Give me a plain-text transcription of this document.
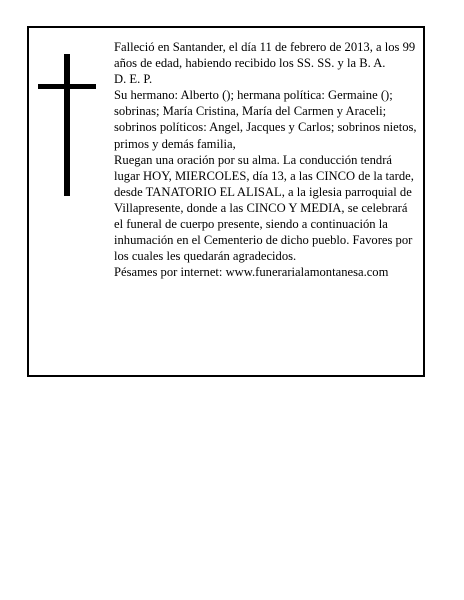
Falleció en Santander, el día 11 de febrero de 2013, a los 99 años de edad, habiendo recibido los SS. SS. y la B. A.

D. E. P.

Su hermano: Alberto (); hermana política: Germaine (); sobrinas; María Cristina, María del Carmen y Araceli; sobrinos políticos: Angel, Jacques y Carlos; sobrinos nietos, primos y demás familia,

Ruegan una oración por su alma. La conducción tendrá lugar HOY, MIERCOLES, día 13, a las CINCO de la tarde, desde TANATORIO EL ALISAL, a la iglesia parroquial de Villapresente, donde a las CINCO Y MEDIA, se celebrará el funeral de cuerpo presente, siendo a continuación la inhumación en el Cementerio de dicho pueblo. Favores por los cuales les quedarán agradecidos.

Pésames por internet: www.funerarialamontanesa.com
